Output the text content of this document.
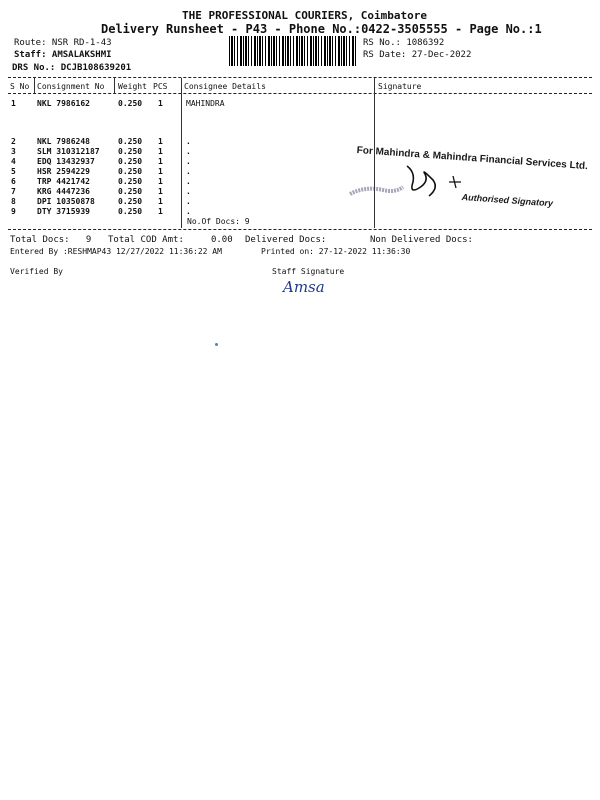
THE PROFESSIONAL COURIERS, Coimbatore
Delivery Runsheet - P43 - Phone No.:0422-3505555 - Page No.:1
Route: NSR RD-1-43
Staff: AMSALAKSHMI
DRS No.: DCJB108639201
RS No.: 1086392
RS Date: 27-Dec-2022
S No Consignment No Weight PCS Consignee Details	Signature
1	NKL 7986162	0.250 1	MAHINDRA
2	NKL 7986248	0.250 1	.
3	SLM 310312187 0.250 1	.
4	EDQ 13432937	0.250 1	.
5	HSR 2594229	0.250 1	.
6	TRP 4421742	0.250 1	.
7	KRG 4447236	0.250 1	.
8	DPI 10350878	0.250 1	.
9	DTY 3715939	0.250 1	.
No.Of Docs: 9
For Mahindra & Mahindra Financial Services Ltd.
Authorised Signatory
Total Docs:   9 Total COD Amt:     0.00 Delivered Docs:	Non Delivered Docs:
Entered By :RESHMAP43 12/27/2022 11:36:22 AM	Printed on: 27-12-2022 11:36:30
Verified By	Staff Signature
Amsa
